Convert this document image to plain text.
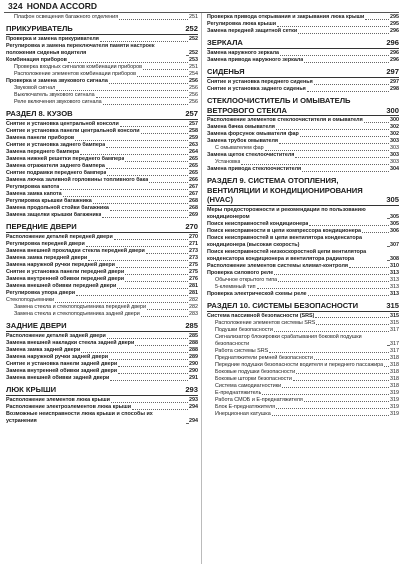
324 HONDA ACCORD
Плафон освещения багажного отделения	251
ПРИКУРИВАТЕЛЬ	252
Проверка и замена прикуривателя	252
Регулировка и замена переключателя памяти настроек положения сиденья водителя	252
Комбинация приборов	253
Проверка входных сигналов комбинации приборов	251
Расположение элементов комбинации приборов	254
Проверка и замена звукового сигнала	256
Звуковой сигнал	256
Выключатель звукового сигнала	256
Реле включения звукового сигнала	256
РАЗДЕЛ 8. КУЗОВ	257
Снятие и установка центральной консоли	257
Снятие и установка панели центральной консоли	258
Замена панели приборов	259
Снятие и установка заднего бампера	263
Замена переднего бампера	264
Замена нижней решетки переднего бампера	265
Замена отражателя заднего бампера	265
Снятие подрамки переднего бампера	265
Замена лючка заливной горловины топливного бака	266
Регулировка капота	267
Замена замка капота	267
Регулировка крышки багажника	268
Замена продольной стойки багажника	268
Замена защелки крышки багажника	269
ПЕРЕДНИЕ ДВЕРИ	270
Расположение деталей передней двери	270
Регулировка передней двери	271
Замена внешней прокладки стекла передней двери	273
Замена замка передней двери	273
Замена наружной ручки передней двери	275
Снятие и установка панели передней двери	275
Замена внутренней обивки передней двери	276
Замена внешней обивки передней двери	281
Регулировка упора двери	281
Стеклоподъемники	282
Замена стекла и стеклоподъемника передней двери	282
Замена стекла и стеклоподъемника задней двери	283
ЗАДНИЕ ДВЕРИ	285
Расположение деталей задней двери	285
Замена внешней накладки стекла задней двери	288
Замена замка задней двери	288
Замена наружной ручки задней двери	289
Снятие и установка панели задней двери	290
Замена внутренней обивки задней двери	290
Замена внешней обивки задней двери	291
ЛЮК КРЫШИ	293
Расположение элементов люка крыши	293
Расположение электроэлементов люка крыши	294
Возможные неисправности люка крыши и способы их устранения	294
Проверка привода открывания и закрывания люка крыши	295
Регулировка люка крыши	295
Замена передней защитной сетки	296
ЗЕРКАЛА	296
Замена наружного зеркала	296
Замена привода наружного зеркала	296
СИДЕНЬЯ	297
Снятие и установка переднего сиденья	297
Снятие и установка заднего сиденья	298
СТЕКЛООЧИСТИТЕЛЬ И ОМЫВАТЕЛЬ ВЕТРОВОГО СТЕКЛА	300
Расположение элементов стеклоочистителя и омывателя	300
Замена бачка омывателя	302
Замена форсунок омывателя фар	302
Замена трубок омывателя	303
С омывателем фар	303
Замена щеток стеклоочистителя	303
Установка	303
Замена привода стеклоочистителя	304
РАЗДЕЛ 9. СИСТЕМА ОТОПЛЕНИЯ, ВЕНТИЛЯЦИИ И КОНДИЦИОНИРОВАНИЯ (HVAC)	305
Меры предосторожности и рекомендации по пользованию кондиционером	305
Поиск неисправностей кондиционера	305
Поиск неисправности в цепи компрессора кондиционера	306
Поиск неисправностей в цепи вентилятора конденсатора кондиционера (высокая скорость)	307
Поиск неисправностей низкоскоростной цепи вентилятора конденсатора кондиционера и вентилятора радиатора	308
Расположение элементов системы климат-контроля	310
Проверка силового реле	313
Обычное открытого типа	313
5-клеммный тип	313
Проверка электрической схемы реле	313
РАЗДЕЛ 10. СИСТЕМЫ БЕЗОПАСНОСТИ	315
Система пассивной безопасности (SRS)	315
Расположение элементов системы SRS	315
Подушки безопасности	317
Сигнализатор блокировки срабатывания боковой подушки безопасности	317
Работа системы SRS	317
Преднатяжители ремней безопасности	318
Передние подушки безопасности водителя и переднего пассажира 318
Боковые подушки безопасности	318
Боковые шторки безопасности	318
Система самодиагностики	318
Е-преднатяжитель	319
Работа СМОБ и Е-преднатяжителя	319
Блок Е-преднатяжителя	319
Инерционная катушка	319
